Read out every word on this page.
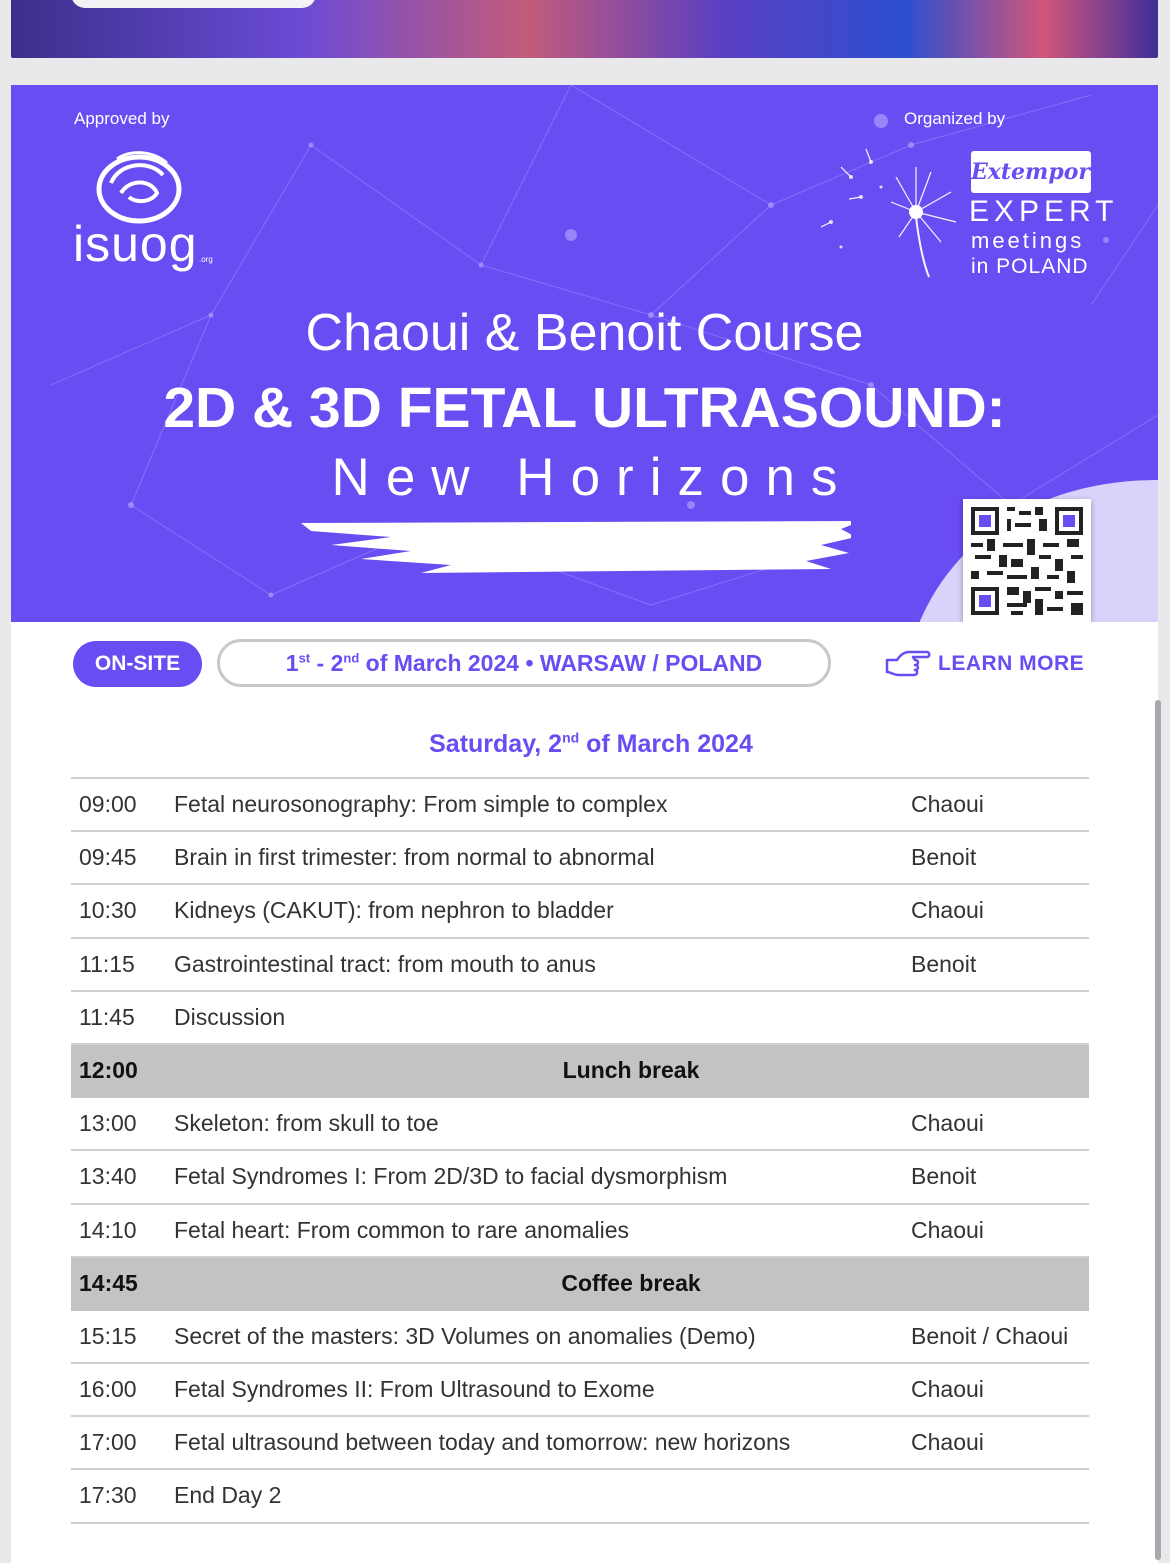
Approved by	Organized by
isuog .org
Extempore
EXPERT
meetings
in POLAND
Chaoui & Benoit Course
2D & 3D FETAL ULTRASOUND:
New Horizons
ON-SITE	1st - 2nd of March 2024 • WARSAW / POLAND	LEARN MORE
Saturday, 2nd of March 2024
09:00 Fetal neurosonography: From simple to complex	Chaoui
09:45 Brain in first trimester: from normal to abnormal	Benoit
10:30 Kidneys (CAKUT): from nephron to bladder	Chaoui
11:15 Gastrointestinal tract: from mouth to anus	Benoit
11:45 Discussion
12:00	Lunch break
13:00 Skeleton: from skull to toe	Chaoui
13:40 Fetal Syndromes I: From 2D/3D to facial dysmorphism	Benoit
14:10 Fetal heart: From common to rare anomalies	Chaoui
14:45	Coffee break
15:15 Secret of the masters: 3D Volumes on anomalies (Demo)	Benoit / Chaoui
16:00 Fetal Syndromes II: From Ultrasound to Exome	Chaoui
17:00 Fetal ultrasound between today and tomorrow: new horizons	Chaoui
17:30 End Day 2
